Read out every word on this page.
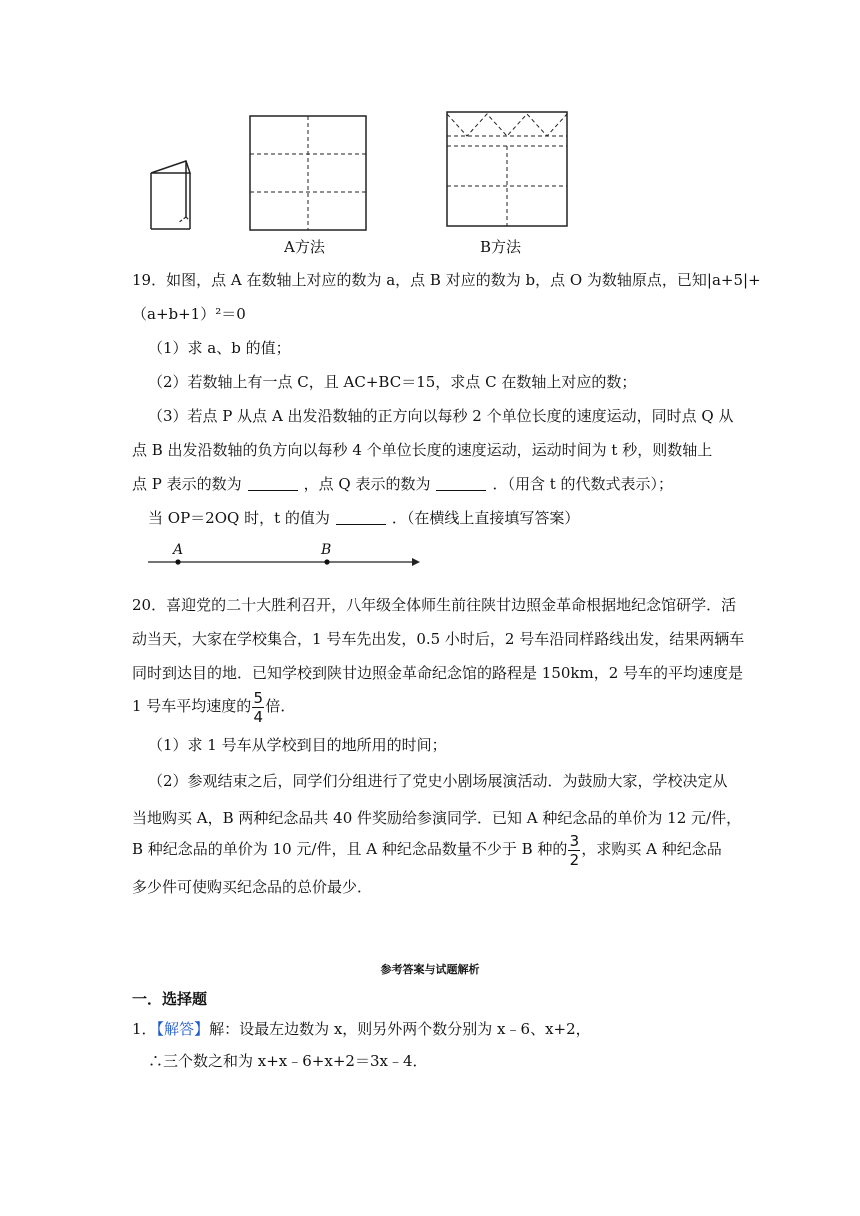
A方法	B方法
19．如图，点 A 在数轴上对应的数为 a，点 B 对应的数为 b，点 O 为数轴原点，已知|a+5|+
（a+b+1）²＝0
（1）求 a、b 的值；
（2）若数轴上有一点 C，且 AC+BC＝15，求点 C 在数轴上对应的数；
（3）若点 P 从点 A 出发沿数轴的正方向以每秒 2 个单位长度的速度运动，同时点 Q 从
点 B 出发沿数轴的负方向以每秒 4 个单位长度的速度运动，运动时间为 t 秒，则数轴上
点 P 表示的数为	，点 Q 表示的数为	．（用含 t 的代数式表示）；
当 OP＝2OQ 时，t 的值为	．（在横线上直接填写答案）
A	B
20．喜迎党的二十大胜利召开，八年级全体师生前往陕甘边照金革命根据地纪念馆研学．活
动当天，大家在学校集合，1 号车先出发，0.5 小时后，2 号车沿同样路线出发，结果两辆车
同时到达目的地．已知学校到陕甘边照金革命纪念馆的路程是 150km，2 号车的平均速度是
1 号车平均速度的 $\frac{5}{4}$ 倍．
（1）求 1 号车从学校到目的地所用的时间；
（2）参观结束之后，同学们分组进行了党史小剧场展演活动．为鼓励大家，学校决定从
当地购买 A，B 两种纪念品共 40 件奖励给参演同学．已知 A 种纪念品的单价为 12 元/件，
B 种纪念品的单价为 10 元/件，且 A 种纪念品数量不少于 B 种的 $\frac{3}{2}$ ，求购买 A 种纪念品
多少件可使购买纪念品的总价最少．
参考答案与试题解析
一．选择题
1．【解答】解：设最左边数为 x，则另外两个数分别为 x﹣6、x+2，
∴三个数之和为 x+x﹣6+x+2＝3x﹣4．
